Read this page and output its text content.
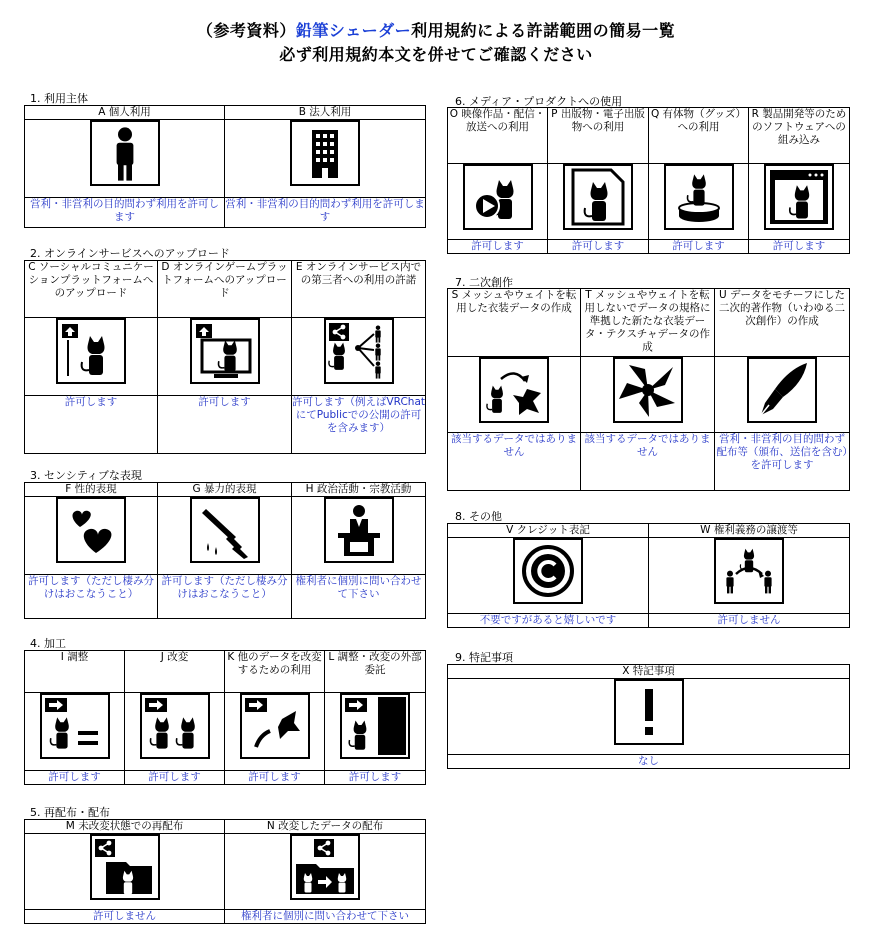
（参考資料）鉛筆シェーダー利用規約による許諾範囲の簡易一覧
必ず利用規約本文を併せてご確認ください
1. 利用主体
A 個人利用	B 法人利用

営利・非営利の目的問わず利用を許可します	営利・非営利の目的問わず利用を許可します
2. オンラインサービスへのアップロード
C ソーシャルコミュニケーションプラットフォームへのアップロード	D オンラインゲームプラットフォームへのアップロード	E オンラインサービス内での第三者への利用の許諾

許可します	許可します	許可します（例えばVRChatにてPublicでの公開の許可を含みます）
3. センシティブな表現
F 性的表現	G 暴力的表現	H 政治活動・宗教活動

許可します（ただし棲み分けはおこなうこと）	許可します（ただし棲み分けはおこなうこと）	権利者に個別に問い合わせて下さい
4. 加工
I 調整	J 改変	K 他のデータを改変するための利用	L 調整・改変の外部委託

許可します	許可します	許可します	許可します
5. 再配布・配布
M 未改変状態での再配布	N 改変したデータの配布

許可しません	権利者に個別に問い合わせて下さい
6. メディア・プロダクトへの使用
O 映像作品・配信・放送への利用	P 出版物・電子出版物への利用	Q 有体物（グッズ）への利用	R 製品開発等のためのソフトウェアへの組み込み

許可します	許可します	許可します	許可します
7. 二次創作
S メッシュやウェイトを転用した衣装データの作成	T メッシュやウェイトを転用しないでデータの規格に準拠した新たな衣装データ・テクスチャデータの作成	U データをモチーフにした二次的著作物（いわゆる二次創作）の作成

該当するデータではありません	該当するデータではありません	営利・非営利の目的問わず配布等（頒布、送信を含む）を許可します
8. その他
V クレジット表記	W 権利義務の譲渡等

不要ですがあると嬉しいです	許可しません
9. 特記事項
X 特記事項

なし
